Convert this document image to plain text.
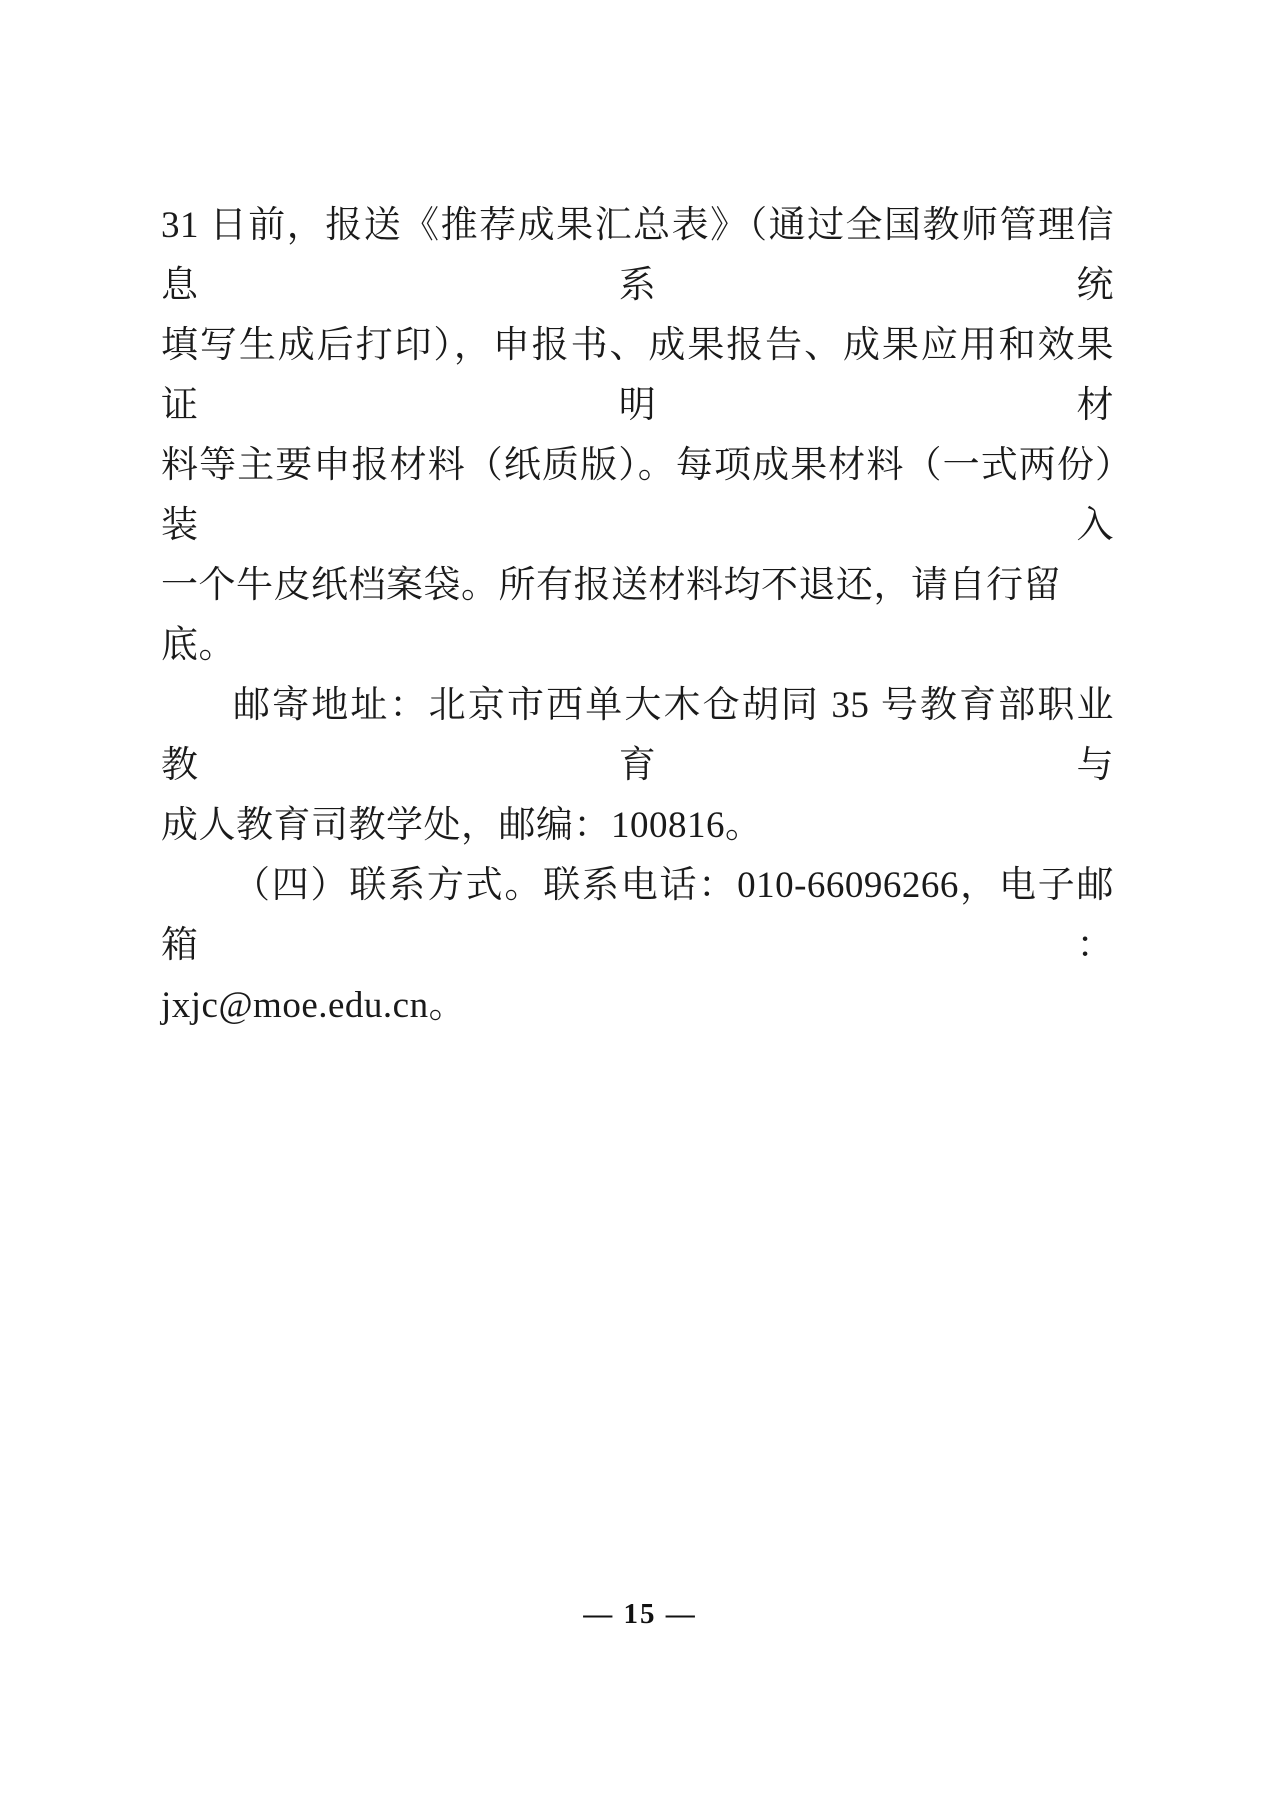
31 日前，报送《推荐成果汇总表》（通过全国教师管理信息系统
填写生成后打印），申报书、成果报告、成果应用和效果证明材
料等主要申报材料（纸质版）。每项成果材料（一式两份）装入
一个牛皮纸档案袋。所有报送材料均不退还，请自行留底。
邮寄地址：北京市西单大木仓胡同 35 号教育部职业教育与
成人教育司教学处，邮编：100816。
（四）联系方式。联系电话：010-66096266，电子邮箱：
jxjc@moe.edu.cn。
— 15 —
